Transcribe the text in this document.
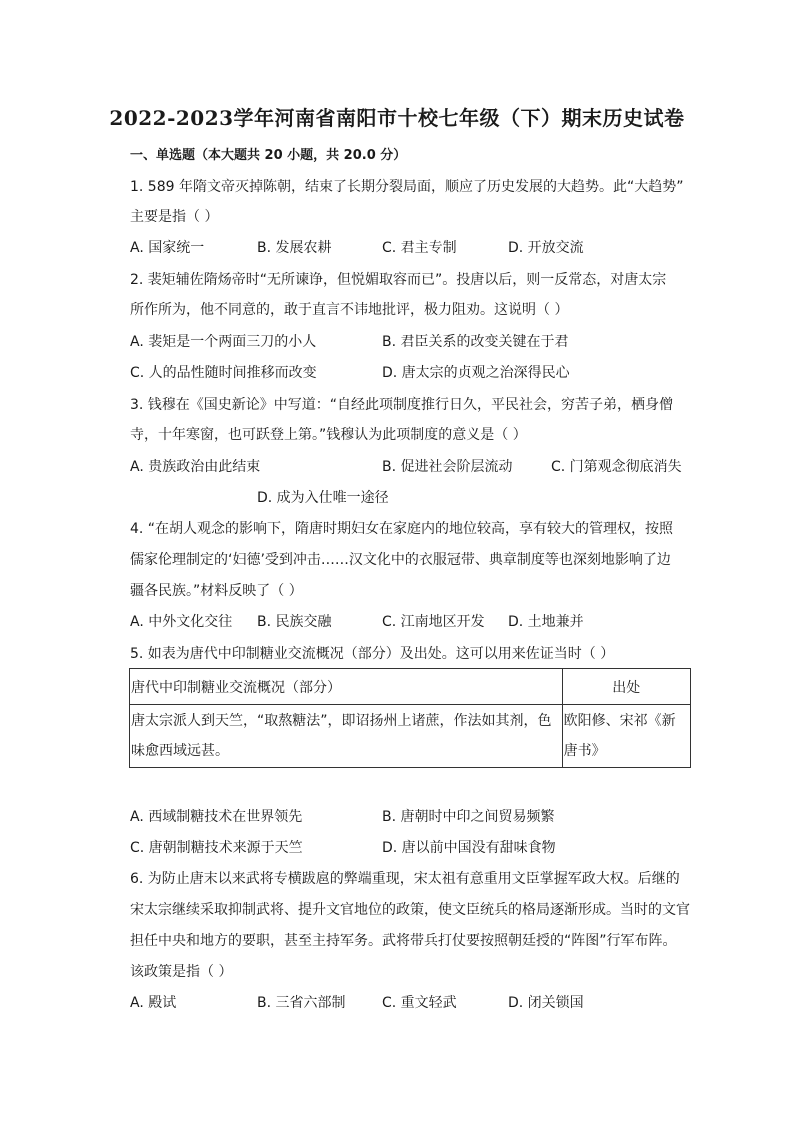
2022-2023学年河南省南阳市十校七年级（下）期末历史试卷
一、单选题（本大题共 20 小题，共 20.0 分）
1. 589 年隋文帝灭掉陈朝，结束了长期分裂局面，顺应了历史发展的大趋势。此“大趋势”
主要是指（ ）
A. 国家统一	B. 发展农耕	C. 君主专制	D. 开放交流
2. 裴矩辅佐隋炀帝时“无所谏诤，但悦媚取容而已”。投唐以后，则一反常态，对唐太宗
所作所为，他不同意的，敢于直言不讳地批评，极力阻劝。这说明（ ）
A. 裴矩是一个两面三刀的小人	B. 君臣关系的改变关键在于君
C. 人的品性随时间推移而改变	D. 唐太宗的贞观之治深得民心
3. 钱穆在《国史新论》中写道：“自经此项制度推行日久，平民社会，穷苦子弟，栖身僧
寺，十年寒窗，也可跃登上第。”钱穆认为此项制度的意义是（ ）
A. 贵族政治由此结束	B. 促进社会阶层流动	C. 门第观念彻底消失
D. 成为入仕唯一途径
4. “在胡人观念的影响下，隋唐时期妇女在家庭内的地位较高，享有较大的管理权，按照
儒家伦理制定的‘妇德’受到冲击……汉文化中的衣服冠带、典章制度等也深刻地影响了边
疆各民族。”材料反映了（ ）
A. 中外文化交往 B. 民族交融	C. 江南地区开发 D. 土地兼并
5. 如表为唐代中印制糖业交流概况（部分）及出处。这可以用来佐证当时（ ）
唐代中印制糖业交流概况（部分）	出处

唐太宗派人到天竺，“取熬糖法”，即诏扬州上诸蔗，作法如其剂，色味愈西域远甚。	欧阳修、宋祁《新唐书》
A. 西域制糖技术在世界领先	B. 唐朝时中印之间贸易频繁
C. 唐朝制糖技术来源于天竺	D. 唐以前中国没有甜味食物
6. 为防止唐末以来武将专横跋扈的弊端重现，宋太祖有意重用文臣掌握军政大权。后继的
宋太宗继续采取抑制武将、提升文官地位的政策，使文臣统兵的格局逐渐形成。当时的文官
担任中央和地方的要职，甚至主持军务。武将带兵打仗要按照朝廷授的“阵图”行军布阵。
该政策是指（ ）
A. 殿试	B. 三省六部制	C. 重文轻武	D. 闭关锁国
